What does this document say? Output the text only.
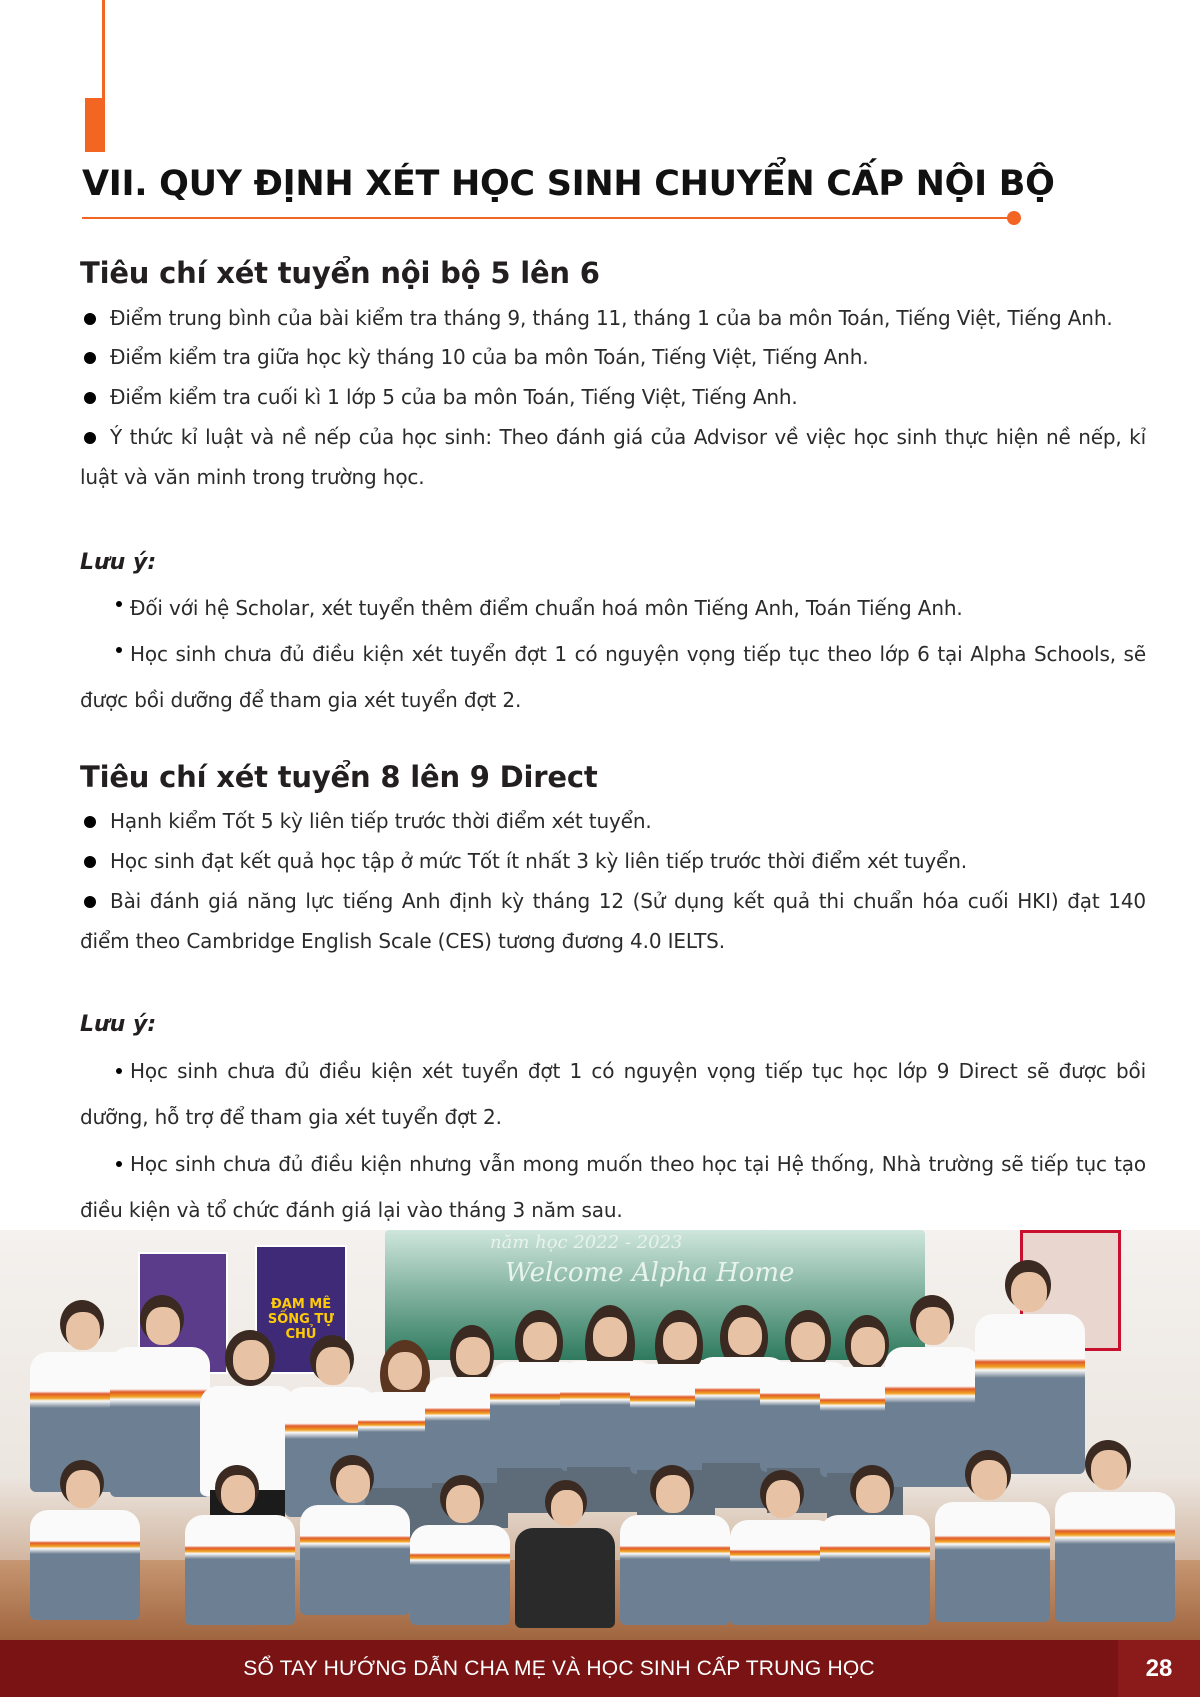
VII. QUY ĐỊNH XÉT HỌC SINH CHUYỂN CẤP NỘI BỘ
Tiêu chí xét tuyển nội bộ 5 lên 6
Điểm trung bình của bài kiểm tra tháng 9, tháng 11, tháng 1 của ba môn Toán, Tiếng Việt, Tiếng Anh.
Điểm kiểm tra giữa học kỳ tháng 10 của ba môn Toán, Tiếng Việt, Tiếng Anh.
Điểm kiểm tra cuối kì 1 lớp 5 của ba môn Toán, Tiếng Việt, Tiếng Anh.
Ý thức kỉ luật và nề nếp của học sinh: Theo đánh giá của Advisor về việc học sinh thực hiện nề nếp, kỉ luật và văn minh trong trường học.
Lưu ý:
Đối với hệ Scholar, xét tuyển thêm điểm chuẩn hoá môn Tiếng Anh, Toán Tiếng Anh.
Học sinh chưa đủ điều kiện xét tuyển đợt 1 có nguyện vọng tiếp tục theo lớp 6 tại Alpha Schools, sẽ được bồi dưỡng để tham gia xét tuyển đợt 2.
Tiêu chí xét tuyển 8 lên 9 Direct
Hạnh kiểm Tốt 5 kỳ liên tiếp trước thời điểm xét tuyển.
Học sinh đạt kết quả học tập ở mức Tốt ít nhất 3 kỳ liên tiếp trước thời điểm xét tuyển.
Bài đánh giá năng lực tiếng Anh định kỳ tháng 12 (Sử dụng kết quả thi chuẩn hóa cuối HKI) đạt 140 điểm theo Cambridge English Scale (CES) tương đương 4.0 IELTS.
Lưu ý:
Học sinh chưa đủ điều kiện xét tuyển đợt 1 có nguyện vọng tiếp tục học lớp 9 Direct sẽ được bồi dưỡng, hỗ trợ để tham gia xét tuyển đợt 2.
Học sinh chưa đủ điều kiện nhưng vẫn mong muốn theo học tại Hệ thống, Nhà trường sẽ tiếp tục tạo điều kiện và tổ chức đánh giá lại vào tháng 3 năm sau.
năm học 2022 - 2023
Welcome Alpha Home
ĐAM MÊ SỐNG TỰ CHỦ
SỔ TAY HƯỚNG DẪN CHA MẸ VÀ HỌC SINH CẤP TRUNG HỌC	28
